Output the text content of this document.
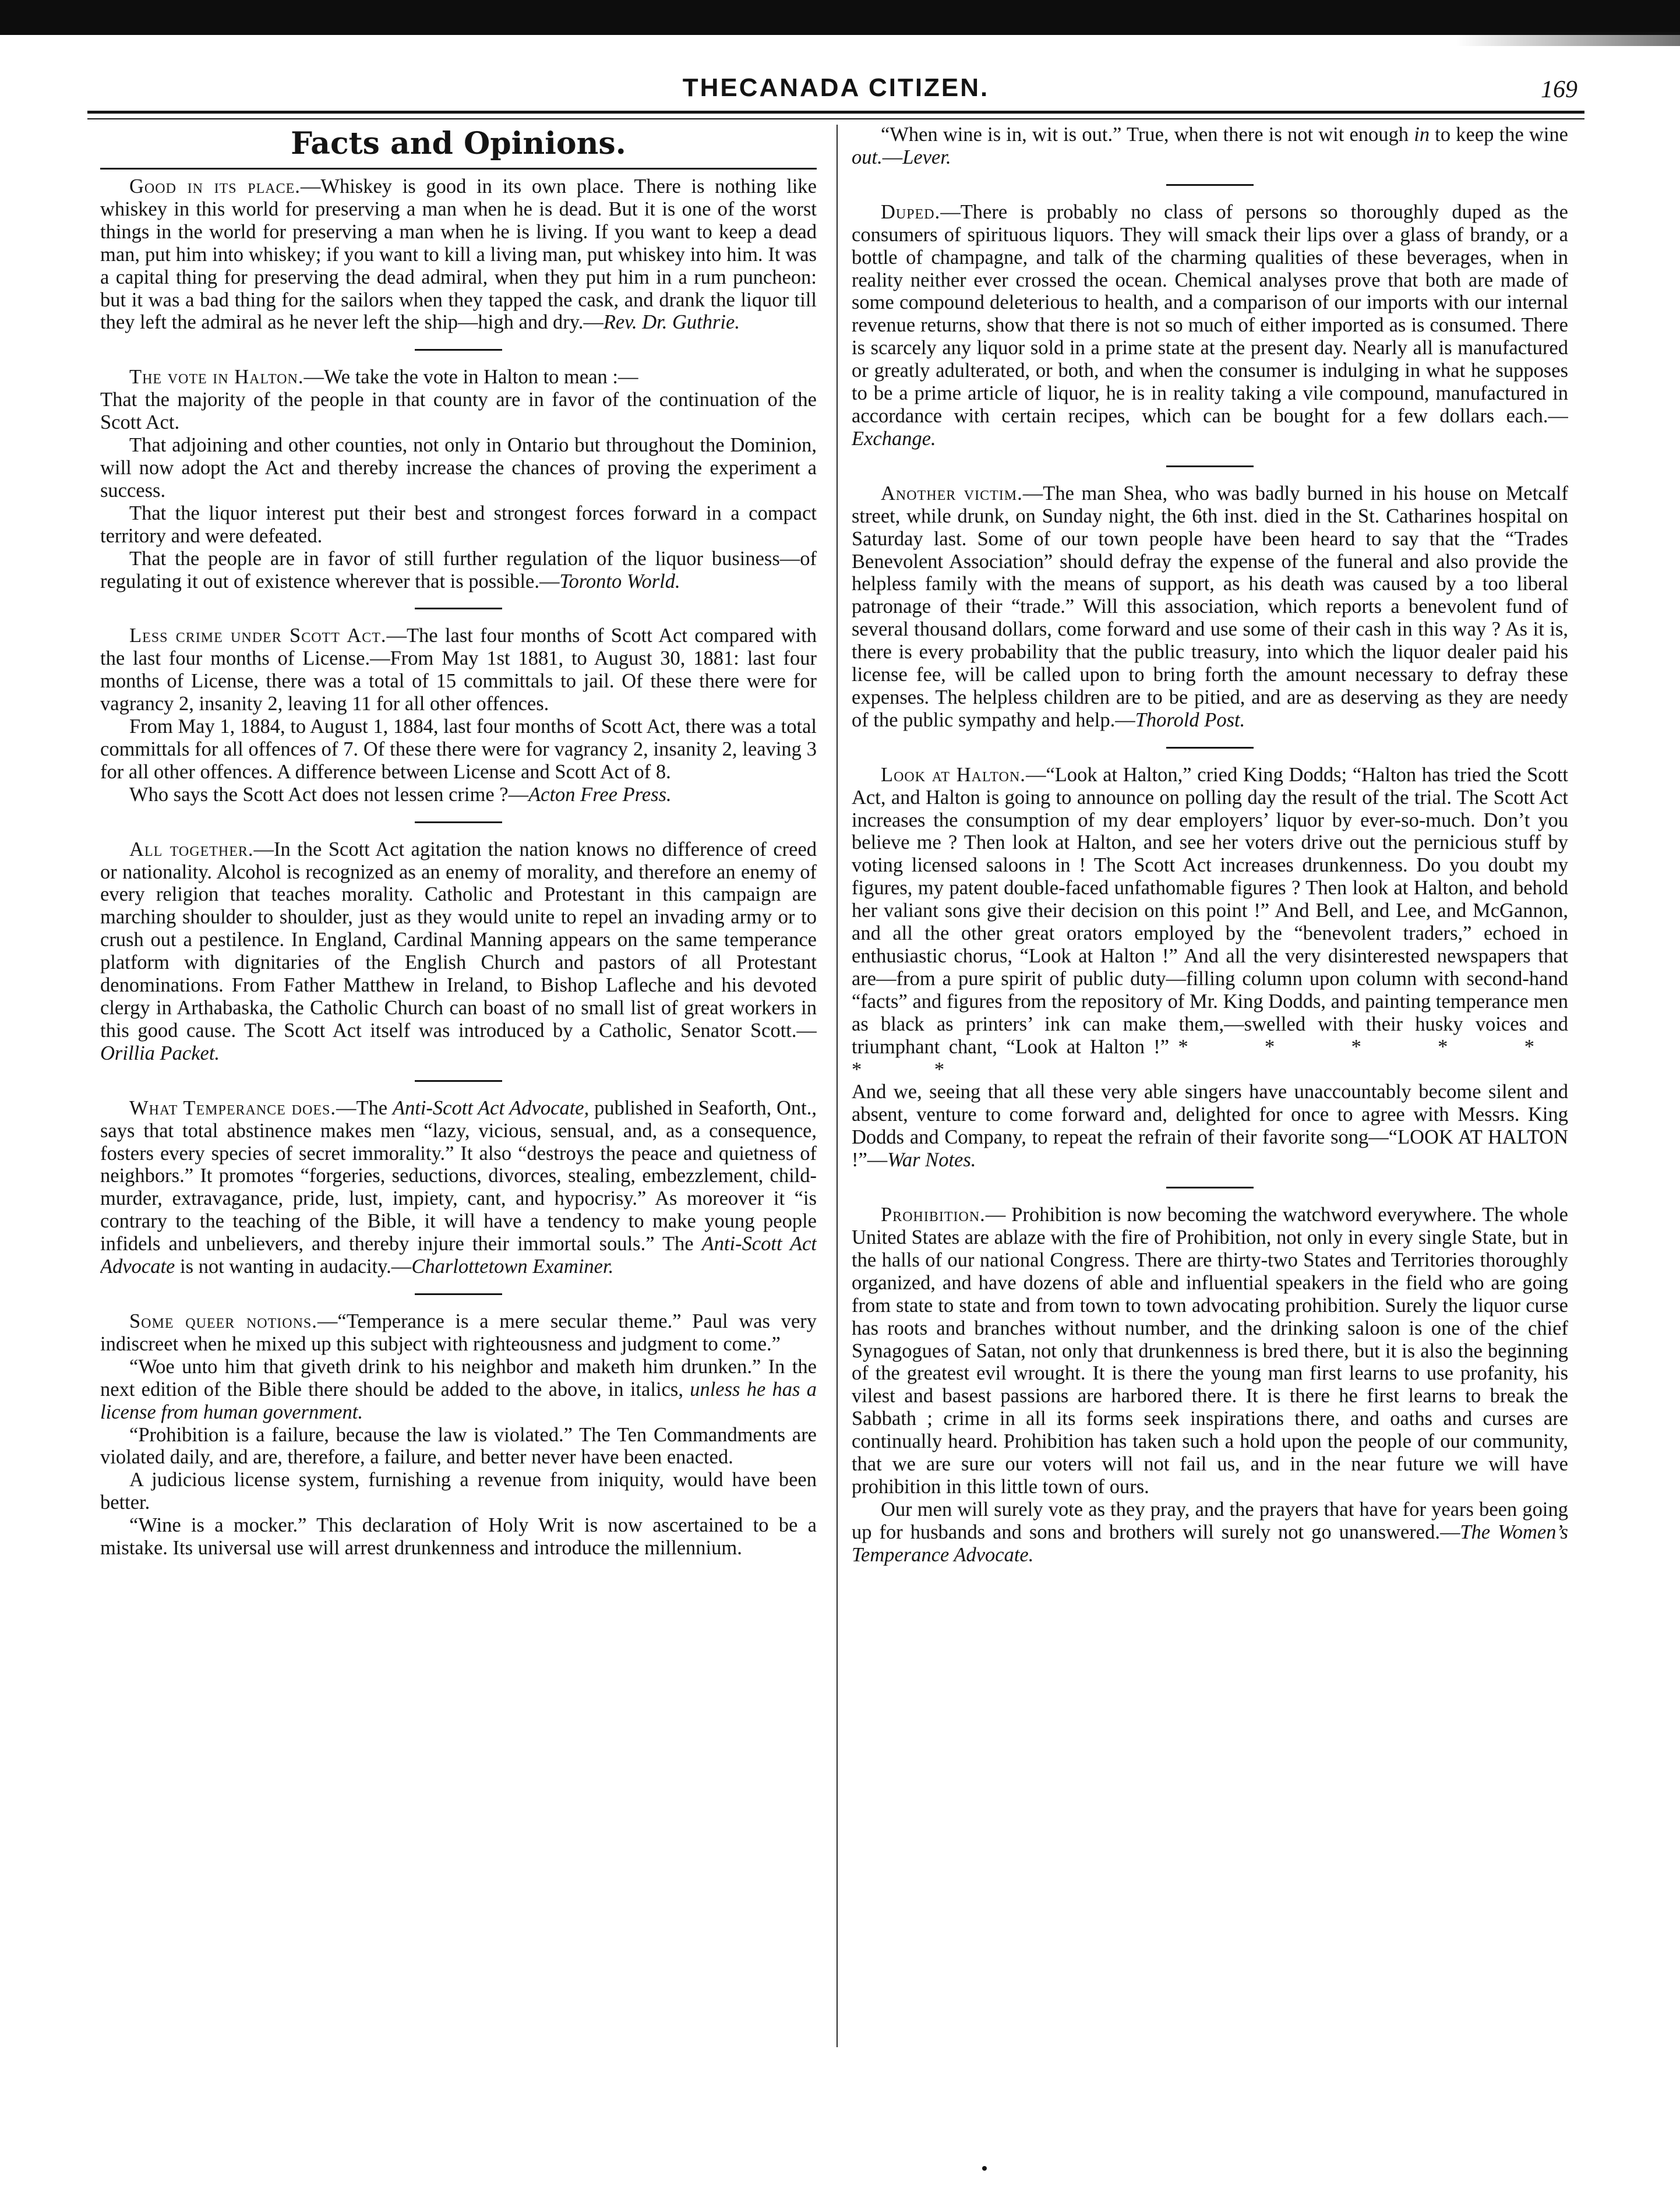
THECANADA CITIZEN.	169
Facts and Opinions.

Good in its place.—Whiskey is good in its own place. There is nothing like whiskey in this world for preserving a man when he is dead. But it is one of the worst things in the world for preserving a man when he is living. If you want to keep a dead man, put him into whiskey; if you want to kill a living man, put whiskey into him. It was a capital thing for preserving the dead admiral, when they put him in a rum puncheon: but it was a bad thing for the sailors when they tapped the cask, and drank the liquor till they left the admiral as he never left the ship—high and dry.—Rev. Dr. Guthrie.

The vote in Halton.—We take the vote in Halton to mean :—

That the majority of the people in that county are in favor of the continuation of the Scott Act.

That adjoining and other counties, not only in Ontario but throughout the Dominion, will now adopt the Act and thereby increase the chances of proving the experiment a success.

That the liquor interest put their best and strongest forces forward in a compact territory and were defeated.

That the people are in favor of still further regulation of the liquor business—of regulating it out of existence wherever that is possible.—Toronto World.

Less crime under Scott Act.—The last four months of Scott Act compared with the last four months of License.—From May 1st 1881, to August 30, 1881: last four months of License, there was a total of 15 committals to jail. Of these there were for vagrancy 2, insanity 2, leaving 11 for all other offences.

From May 1, 1884, to August 1, 1884, last four months of Scott Act, there was a total committals for all offences of 7. Of these there were for vagrancy 2, insanity 2, leaving 3 for all other offences. A difference between License and Scott Act of 8.

Who says the Scott Act does not lessen crime ?—Acton Free Press.

All together.—In the Scott Act agitation the nation knows no difference of creed or nationality. Alcohol is recognized as an enemy of morality, and therefore an enemy of every religion that teaches morality. Catholic and Protestant in this campaign are marching shoulder to shoulder, just as they would unite to repel an invading army or to crush out a pestilence. In England, Cardinal Manning appears on the same temperance platform with dignitaries of the English Church and pastors of all Protestant denominations. From Father Matthew in Ireland, to Bishop Lafleche and his devoted clergy in Arthabaska, the Catholic Church can boast of no small list of great workers in this good cause. The Scott Act itself was introduced by a Catholic, Senator Scott.—Orillia Packet.

What Temperance does.—The Anti-Scott Act Advocate, published in Seaforth, Ont., says that total abstinence makes men “lazy, vicious, sensual, and, as a consequence, fosters every species of secret immorality.” It also “destroys the peace and quietness of neighbors.” It promotes “forgeries, seductions, divorces, stealing, embezzlement, child-murder, extravagance, pride, lust, impiety, cant, and hypocrisy.” As moreover it “is contrary to the teaching of the Bible, it will have a tendency to make young people infidels and unbelievers, and thereby injure their immortal souls.” The Anti-Scott Act Advocate is not wanting in audacity.—Charlottetown Examiner.

Some queer notions.—“Temperance is a mere secular theme.” Paul was very indiscreet when he mixed up this subject with righteousness and judgment to come.”

“Woe unto him that giveth drink to his neighbor and maketh him drunken.” In the next edition of the Bible there should be added to the above, in italics, unless he has a license from human government.

“Prohibition is a failure, because the law is violated.” The Ten Commandments are violated daily, and are, therefore, a failure, and better never have been enacted.

A judicious license system, furnishing a revenue from iniquity, would have been better.

“Wine is a mocker.” This declaration of Holy Writ is now ascertained to be a mistake. Its universal use will arrest drunkenness and introduce the millennium.

“When wine is in, wit is out.” True, when there is not wit enough in to keep the wine out.—Lever.

Duped.—There is probably no class of persons so thoroughly duped as the consumers of spirituous liquors. They will smack their lips over a glass of brandy, or a bottle of champagne, and talk of the charming qualities of these beverages, when in reality neither ever crossed the ocean. Chemical analyses prove that both are made of some compound deleterious to health, and a comparison of our imports with our internal revenue returns, show that there is not so much of either imported as is consumed. There is scarcely any liquor sold in a prime state at the present day. Nearly all is manufactured or greatly adulterated, or both, and when the consumer is indulging in what he supposes to be a prime article of liquor, he is in reality taking a vile compound, manufactured in accordance with certain recipes, which can be bought for a few dollars each.—Exchange.

Another victim.—The man Shea, who was badly burned in his house on Metcalf street, while drunk, on Sunday night, the 6th inst. died in the St. Catharines hospital on Saturday last. Some of our town people have been heard to say that the “Trades Benevolent Association” should defray the expense of the funeral and also provide the helpless family with the means of support, as his death was caused by a too liberal patronage of their “trade.” Will this association, which reports a benevolent fund of several thousand dollars, come forward and use some of their cash in this way ? As it is, there is every probability that the public treasury, into which the liquor dealer paid his license fee, will be called upon to bring forth the amount necessary to defray these expenses. The helpless children are to be pitied, and are as deserving as they are needy of the public sympathy and help.—Thorold Post.

Look at Halton.—“Look at Halton,” cried King Dodds; “Halton has tried the Scott Act, and Halton is going to announce on polling day the result of the trial. The Scott Act increases the consumption of my dear employers’ liquor by ever-so-much. Don’t you believe me ? Then look at Halton, and see her voters drive out the pernicious stuff by voting licensed saloons in ! The Scott Act increases drunkenness. Do you doubt my figures, my patent double-faced unfathomable figures ? Then look at Halton, and behold her valiant sons give their decision on this point !” And Bell, and Lee, and McGannon, and all the other great orators employed by the “benevolent traders,” echoed in enthusiastic chorus, “Look at Halton !” And all the very disinterested newspapers that are—from a pure spirit of public duty—filling column upon column with second-hand “facts” and figures from the repository of Mr. King Dodds, and painting temperance men as black as printers’ ink can make them,—swelled with their husky voices and triumphant chant, “Look at Halton !” * * * * * * *

And we, seeing that all these very able singers have unaccountably become silent and absent, venture to come forward and, delighted for once to agree with Messrs. King Dodds and Company, to repeat the refrain of their favorite song—“LOOK AT HALTON !”—War Notes.

Prohibition.— Prohibition is now becoming the watchword everywhere. The whole United States are ablaze with the fire of Prohibition, not only in every single State, but in the halls of our national Congress. There are thirty-two States and Territories thoroughly organized, and have dozens of able and influential speakers in the field who are going from state to state and from town to town advocating prohibition. Surely the liquor curse has roots and branches without number, and the drinking saloon is one of the chief Synagogues of Satan, not only that drunkenness is bred there, but it is also the beginning of the greatest evil wrought. It is there the young man first learns to use profanity, his vilest and basest passions are harbored there. It is there he first learns to break the Sabbath ; crime in all its forms seek inspirations there, and oaths and curses are continually heard. Prohibition has taken such a hold upon the people of our community, that we are sure our voters will not fail us, and in the near future we will have prohibition in this little town of ours.

Our men will surely vote as they pray, and the prayers that have for years been going up for husbands and sons and brothers will surely not go unanswered.—The Women’s Temperance Advocate.
